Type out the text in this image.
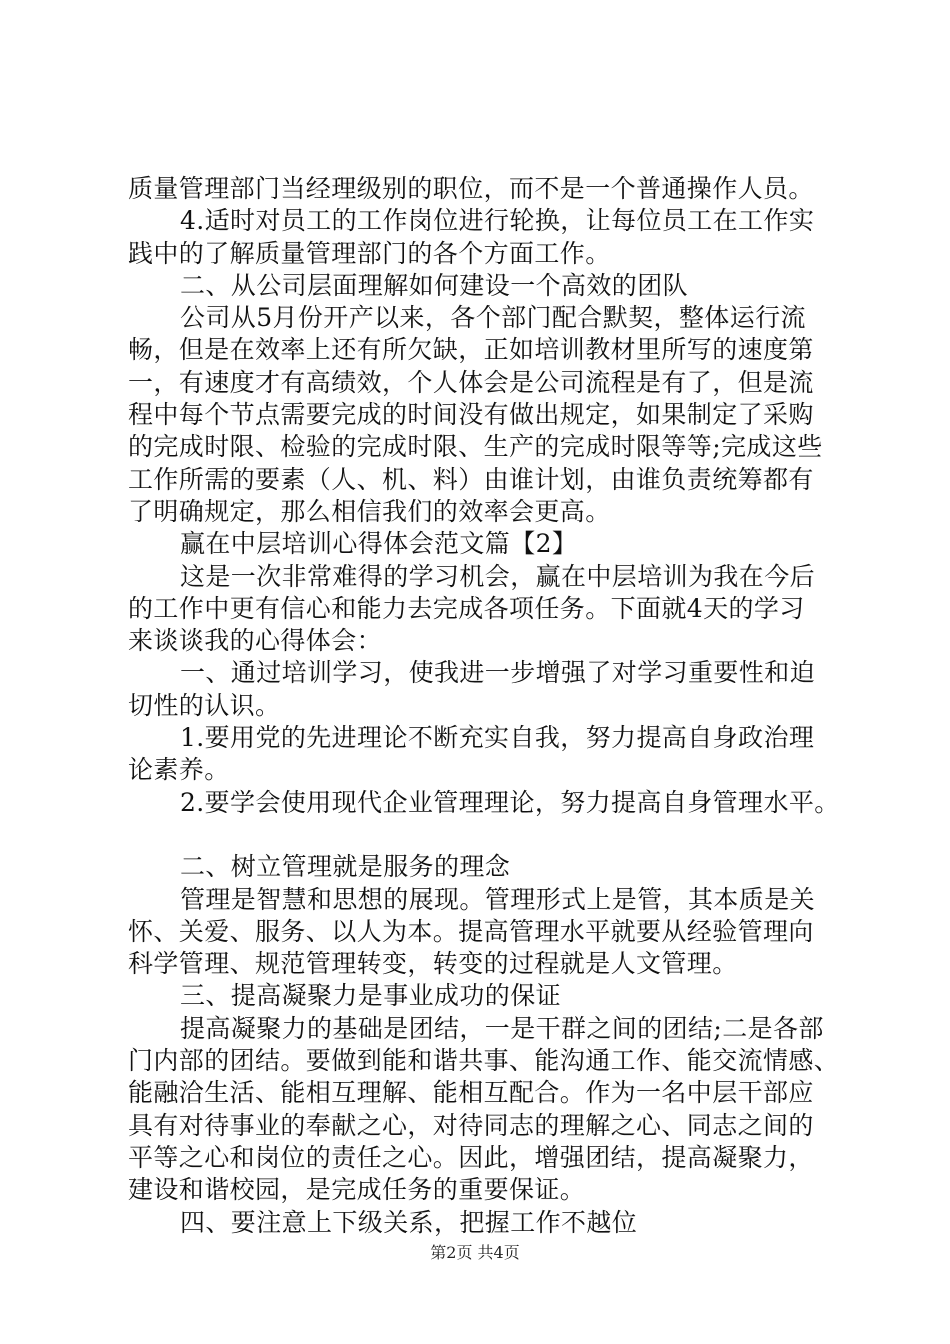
质量管理部门当经理级别的职位，而不是一个普通操作人员。
4.适时对员工的工作岗位进行轮换，让每位员工在工作实
践中的了解质量管理部门的各个方面工作。
二、从公司层面理解如何建设一个高效的团队
公司从5月份开产以来，各个部门配合默契，整体运行流
畅，但是在效率上还有所欠缺，正如培训教材里所写的速度第
一，有速度才有高绩效，个人体会是公司流程是有了，但是流
程中每个节点需要完成的时间没有做出规定，如果制定了采购
的完成时限、检验的完成时限、生产的完成时限等等;完成这些
工作所需的要素（人、机、料）由谁计划，由谁负责统筹都有
了明确规定，那么相信我们的效率会更高。
赢在中层培训心得体会范文篇【2】
这是一次非常难得的学习机会，赢在中层培训为我在今后
的工作中更有信心和能力去完成各项任务。下面就4天的学习
来谈谈我的心得体会：
一、通过培训学习，使我进一步增强了对学习重要性和迫
切性的认识。
1.要用党的先进理论不断充实自我，努力提高自身政治理
论素养。
2.要学会使用现代企业管理理论，努力提高自身管理水平。
二、树立管理就是服务的理念
管理是智慧和思想的展现。管理形式上是管，其本质是关
怀、关爱、服务、以人为本。提高管理水平就要从经验管理向
科学管理、规范管理转变，转变的过程就是人文管理。
三、提高凝聚力是事业成功的保证
提高凝聚力的基础是团结，一是干群之间的团结;二是各部
门内部的团结。要做到能和谐共事、能沟通工作、能交流情感、
能融洽生活、能相互理解、能相互配合。作为一名中层干部应
具有对待事业的奉献之心，对待同志的理解之心、同志之间的
平等之心和岗位的责任之心。因此，增强团结，提高凝聚力，
建设和谐校园，是完成任务的重要保证。
四、要注意上下级关系，把握工作不越位
第2页 共4页
